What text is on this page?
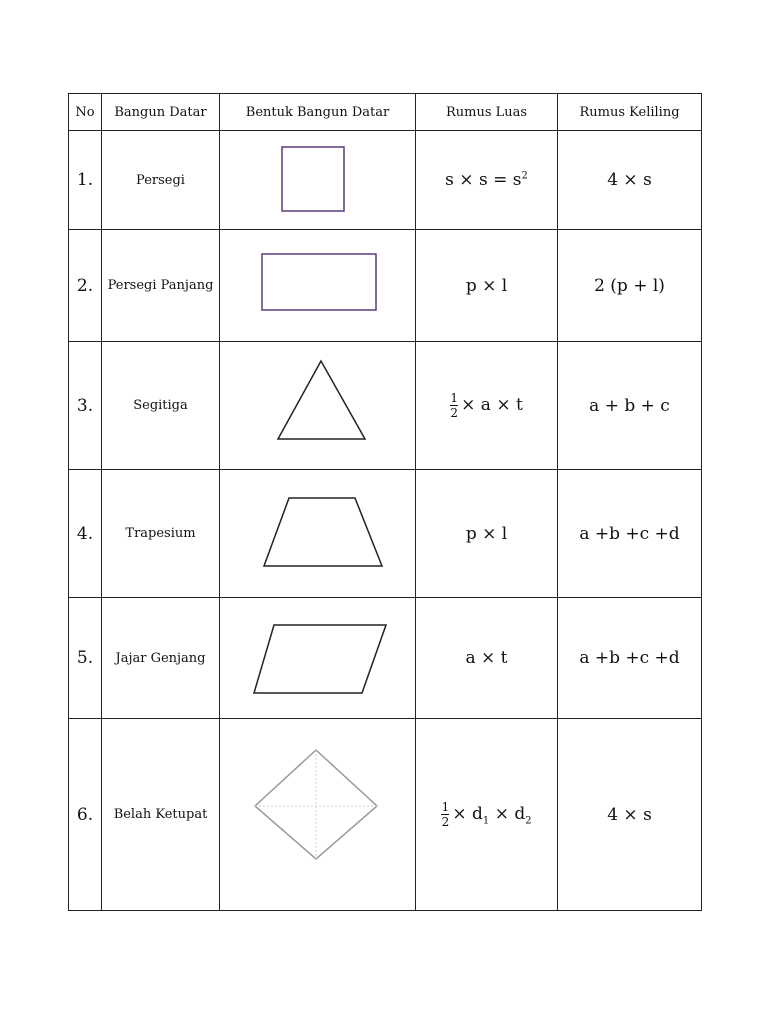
No	Bangun Datar	Bentuk Bangun Datar	Rumus Luas	Rumus Keliling
1.	Persegi		$s \times s = s^2$	4 × s
2.	Persegi Panjang		p × l	2 (p + l)
3.	Segitiga		$\frac{1}{2} \times a \times t$	a + b + c
4.	Trapesium		p × l	a +b +c +d
5.	Jajar Genjang		a × t	a +b +c +d
6.	Belah Ketupat		$\frac{1}{2} \times d_1 \times d_2$	4 × s
